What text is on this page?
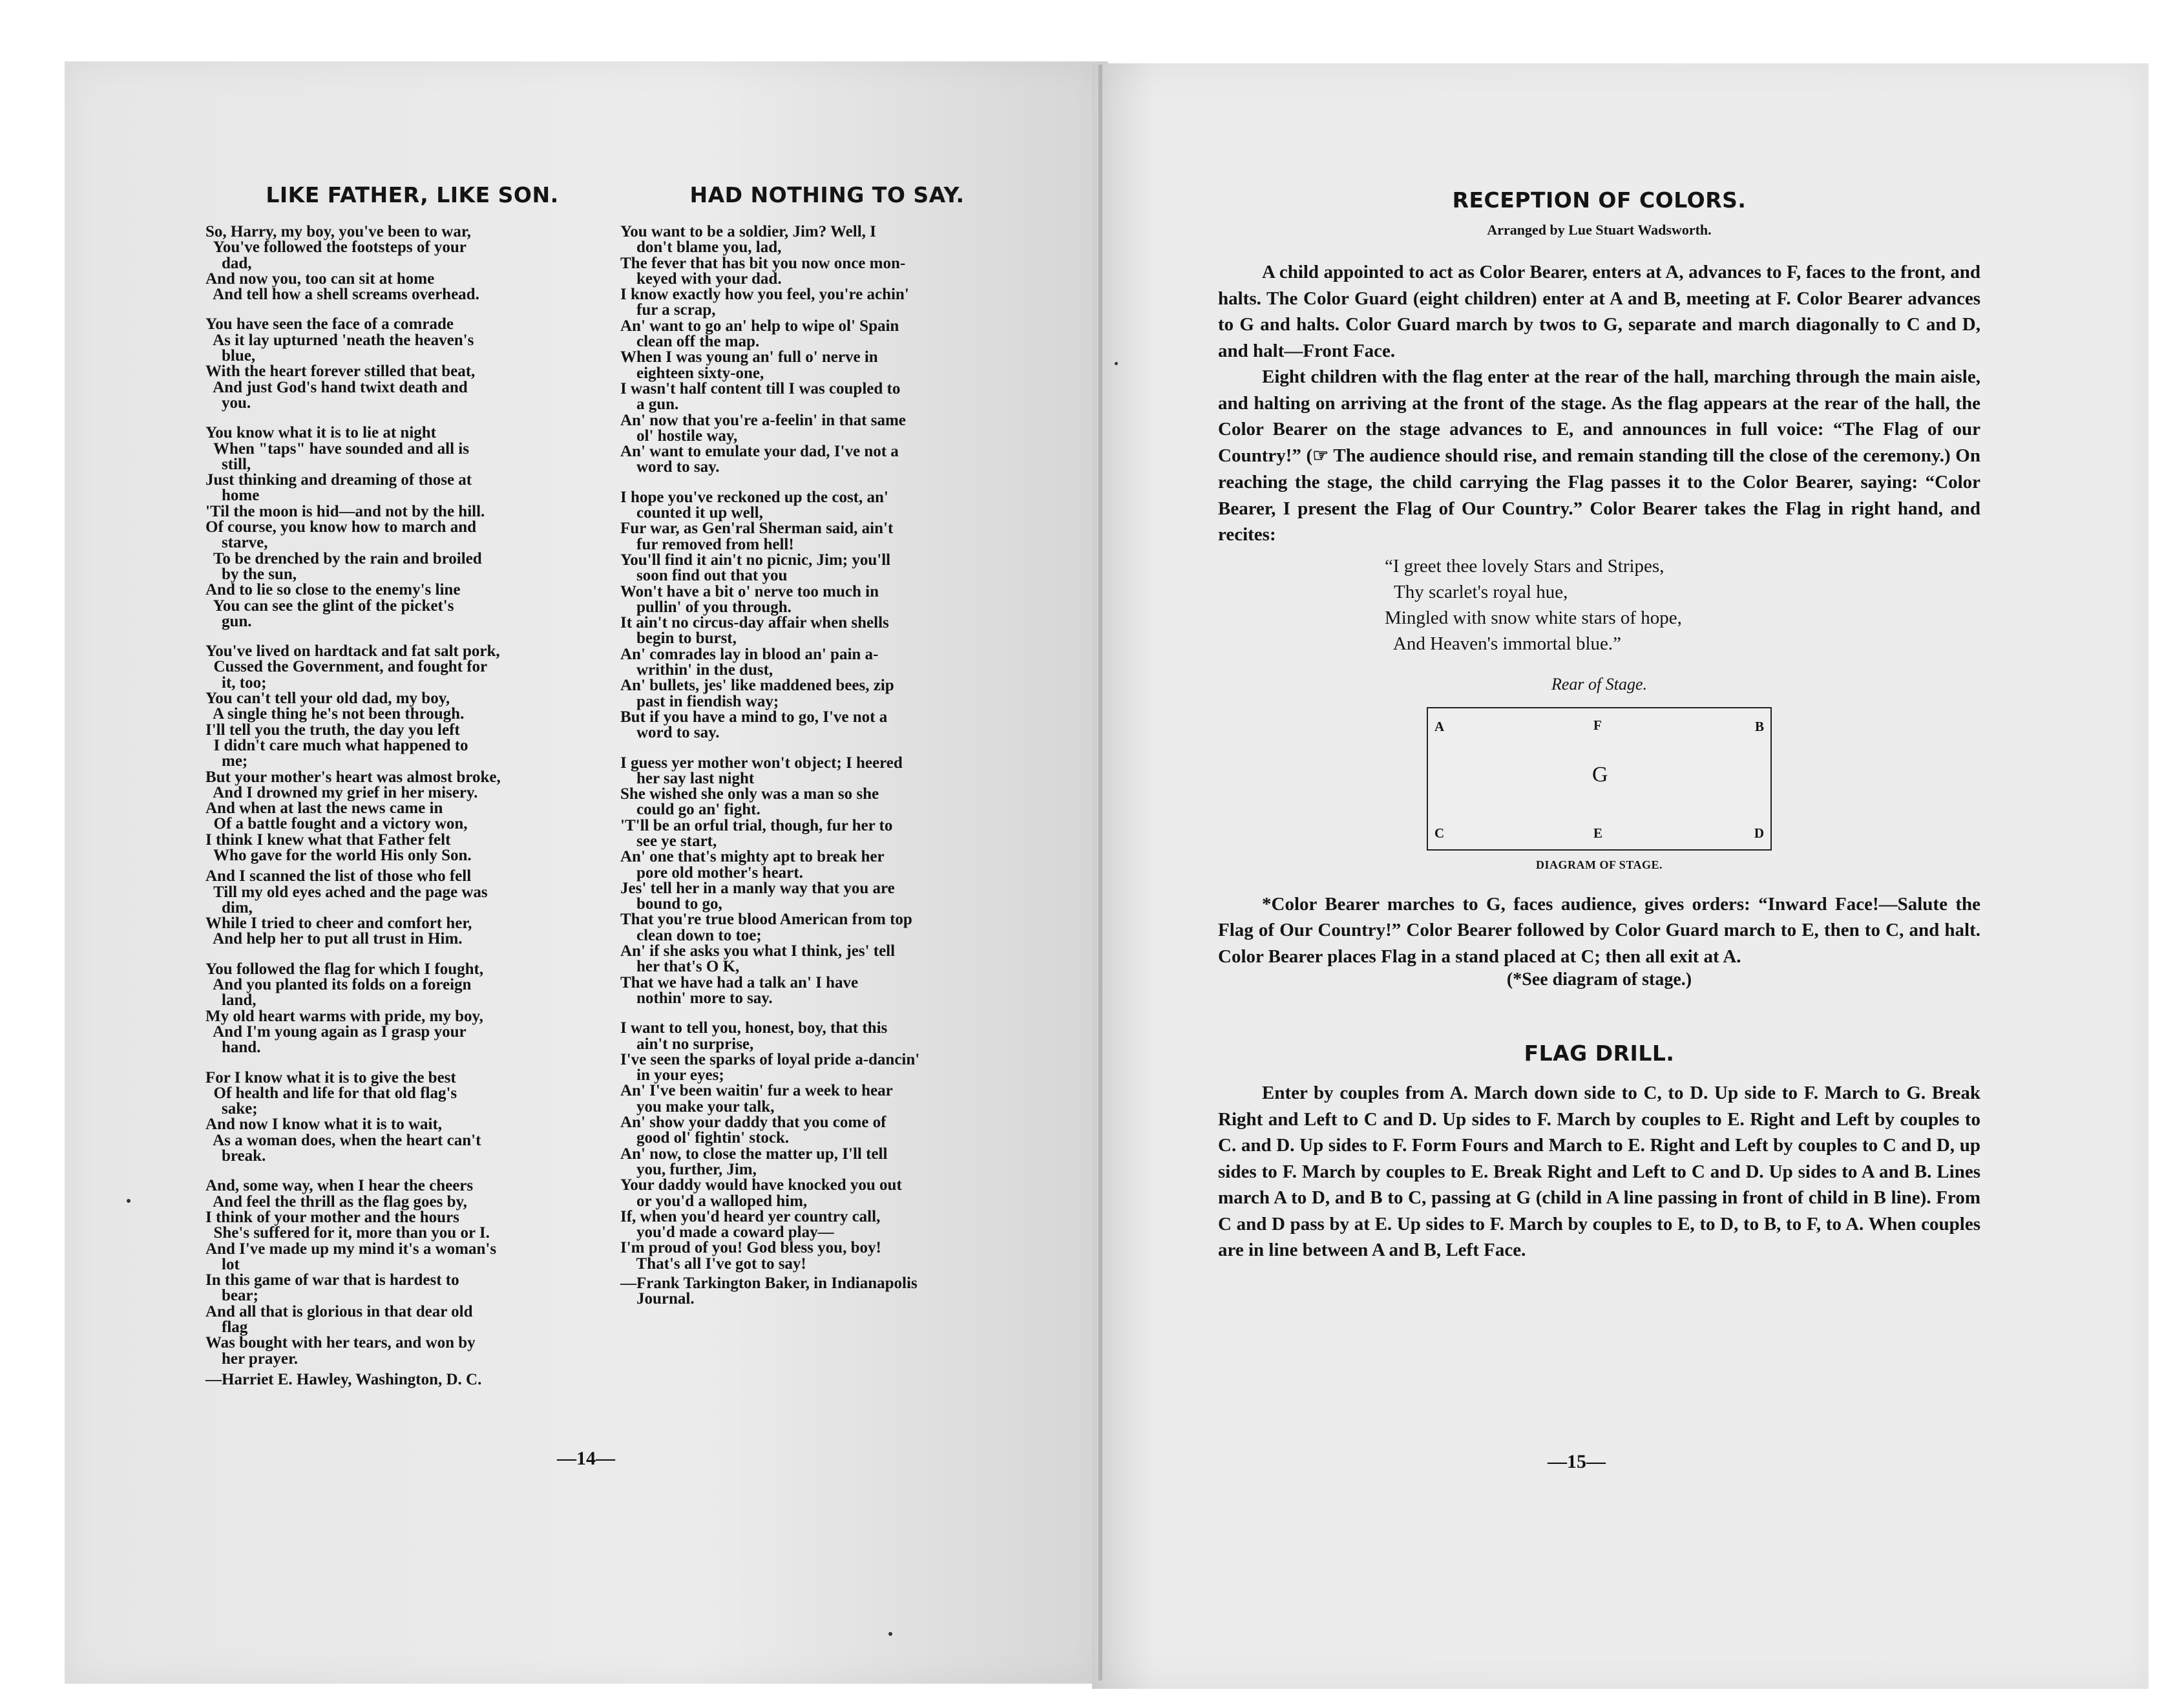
LIKE FATHER, LIKE SON.
So, Harry, my boy, you've been to war,
You've followed the footsteps of your
dad,
And now you, too can sit at home
And tell how a shell screams overhead.
You have seen the face of a comrade
As it lay upturned 'neath the heaven's
blue,
With the heart forever stilled that beat,
And just God's hand twixt death and
you.
You know what it is to lie at night
When "taps" have sounded and all is
still,
Just thinking and dreaming of those at
home
'Til the moon is hid—and not by the hill.
Of course, you know how to march and
starve,
To be drenched by the rain and broiled
by the sun,
And to lie so close to the enemy's line
You can see the glint of the picket's
gun.
You've lived on hardtack and fat salt pork,
Cussed the Government, and fought for
it, too;
You can't tell your old dad, my boy,
A single thing he's not been through.
I'll tell you the truth, the day you left
I didn't care much what happened to
me;
But your mother's heart was almost broke,
And I drowned my grief in her misery.
And when at last the news came in
Of a battle fought and a victory won,
I think I knew what that Father felt
Who gave for the world His only Son.
And I scanned the list of those who fell
Till my old eyes ached and the page was
dim,
While I tried to cheer and comfort her,
And help her to put all trust in Him.
You followed the flag for which I fought,
And you planted its folds on a foreign
land,
My old heart warms with pride, my boy,
And I'm young again as I grasp your
hand.
For I know what it is to give the best
Of health and life for that old flag's
sake;
And now I know what it is to wait,
As a woman does, when the heart can't
break.
And, some way, when I hear the cheers
And feel the thrill as the flag goes by,
I think of your mother and the hours
She's suffered for it, more than you or I.
And I've made up my mind it's a woman's
lot
In this game of war that is hardest to
bear;
And all that is glorious in that dear old
flag
Was bought with her tears, and won by
her prayer.
—Harriet E. Hawley, Washington, D. C.
HAD NOTHING TO SAY.
You want to be a soldier, Jim? Well, I
don't blame you, lad,
The fever that has bit you now once mon-
keyed with your dad.
I know exactly how you feel, you're achin'
fur a scrap,
An' want to go an' help to wipe ol' Spain
clean off the map.
When I was young an' full o' nerve in
eighteen sixty-one,
I wasn't half content till I was coupled to
a gun.
An' now that you're a-feelin' in that same
ol' hostile way,
An' want to emulate your dad, I've not a
word to say.
I hope you've reckoned up the cost, an'
counted it up well,
Fur war, as Gen'ral Sherman said, ain't
fur removed from hell!
You'll find it ain't no picnic, Jim; you'll
soon find out that you
Won't have a bit o' nerve too much in
pullin' of you through.
It ain't no circus-day affair when shells
begin to burst,
An' comrades lay in blood an' pain a-
writhin' in the dust,
An' bullets, jes' like maddened bees, zip
past in fiendish way;
But if you have a mind to go, I've not a
word to say.
I guess yer mother won't object; I heered
her say last night
She wished she only was a man so she
could go an' fight.
'T'll be an orful trial, though, fur her to
see ye start,
An' one that's mighty apt to break her
pore old mother's heart.
Jes' tell her in a manly way that you are
bound to go,
That you're true blood American from top
clean down to toe;
An' if she asks you what I think, jes' tell
her that's O K,
That we have had a talk an' I have
nothin' more to say.
I want to tell you, honest, boy, that this
ain't no surprise,
I've seen the sparks of loyal pride a-dancin'
in your eyes;
An' I've been waitin' fur a week to hear
you make your talk,
An' show your daddy that you come of
good ol' fightin' stock.
An' now, to close the matter up, I'll tell
you, further, Jim,
Your daddy would have knocked you out
or you'd a walloped him,
If, when you'd heard yer country call,
you'd made a coward play—
I'm proud of you! God bless you, boy!
That's all I've got to say!
—Frank Tarkington Baker, in Indianapolis
Journal.
—14—
RECEPTION OF COLORS.
Arranged by Lue Stuart Wadsworth.

A child appointed to act as Color Bearer, enters at A, advances to F, faces to the front, and halts. The Color Guard (eight children) enter at A and B, meeting at F. Color Bearer advances to G and halts. Color Guard march by twos to G, separate and march diagonally to C and D, and halt—Front Face.

Eight children with the flag enter at the rear of the hall, marching through the main aisle, and halting on arriving at the front of the stage. As the flag appears at the rear of the hall, the Color Bearer on the stage advances to E, and announces in full voice: “The Flag of our Country!” (☞ The audience should rise, and remain standing till the close of the ceremony.) On reaching the stage, the child carrying the Flag passes it to the Color Bearer, saying: “Color Bearer, I present the Flag of Our Country.” Color Bearer takes the Flag in right hand, and recites:

“I greet thee lovely Stars and Stripes,
Thy scarlet's royal hue,
Mingled with snow white stars of hope,
And Heaven's immortal blue.”
Rear of Stage.
A	F	B
G
C	E	D
DIAGRAM OF STAGE.

*Color Bearer marches to G, faces audience, gives orders: “Inward Face!—Salute the Flag of Our Country!” Color Bearer followed by Color Guard march to E, then to C, and halt. Color Bearer places Flag in a stand placed at C; then all exit at A.

(*See diagram of stage.)

FLAG DRILL.

Enter by couples from A. March down side to C, to D. Up side to F. March to G. Break Right and Left to C and D. Up sides to F. March by couples to E. Right and Left by couples to C. and D. Up sides to F. Form Fours and March to E. Right and Left by couples to C and D, up sides to F. March by couples to E. Break Right and Left to C and D. Up sides to A and B. Lines march A to D, and B to C, passing at G (child in A line passing in front of child in B line). From C and D pass by at E. Up sides to F. March by couples to E, to D, to B, to F, to A. When couples are in line between A and B, Left Face.

—15—
